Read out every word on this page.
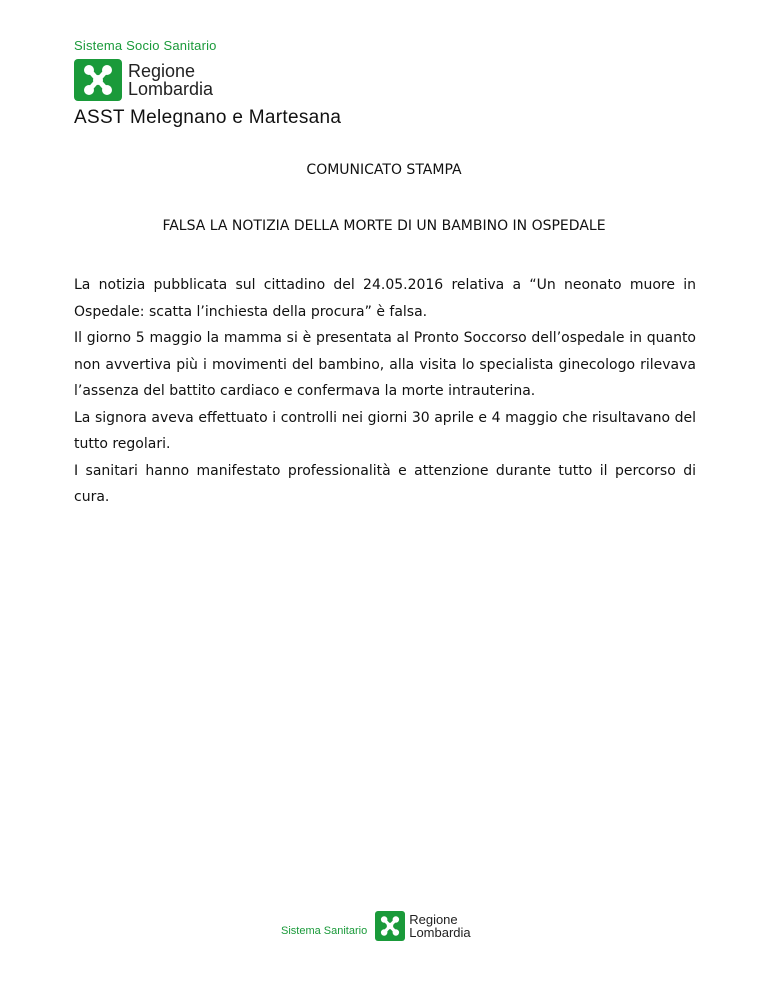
Sistema Socio Sanitario
Regione
Lombardia
ASST Melegnano e Martesana
COMUNICATO STAMPA
FALSA LA NOTIZIA DELLA MORTE DI UN BAMBINO IN OSPEDALE

La notizia pubblicata sul cittadino del 24.05.2016 relativa a “Un neonato muore in Ospedale: scatta l’inchiesta della procura” è falsa.

Il giorno 5 maggio la mamma si è presentata al Pronto Soccorso dell’ospedale in quanto non avvertiva più i movimenti del bambino, alla visita lo specialista ginecologo rilevava l’assenza del battito cardiaco e confermava la morte intrauterina.

La signora aveva effettuato i controlli nei giorni 30 aprile e 4 maggio che risultavano del tutto regolari.

I sanitari hanno manifestato professionalità e attenzione durante tutto il percorso di cura.

Sistema Sanitario
Regione
Lombardia
